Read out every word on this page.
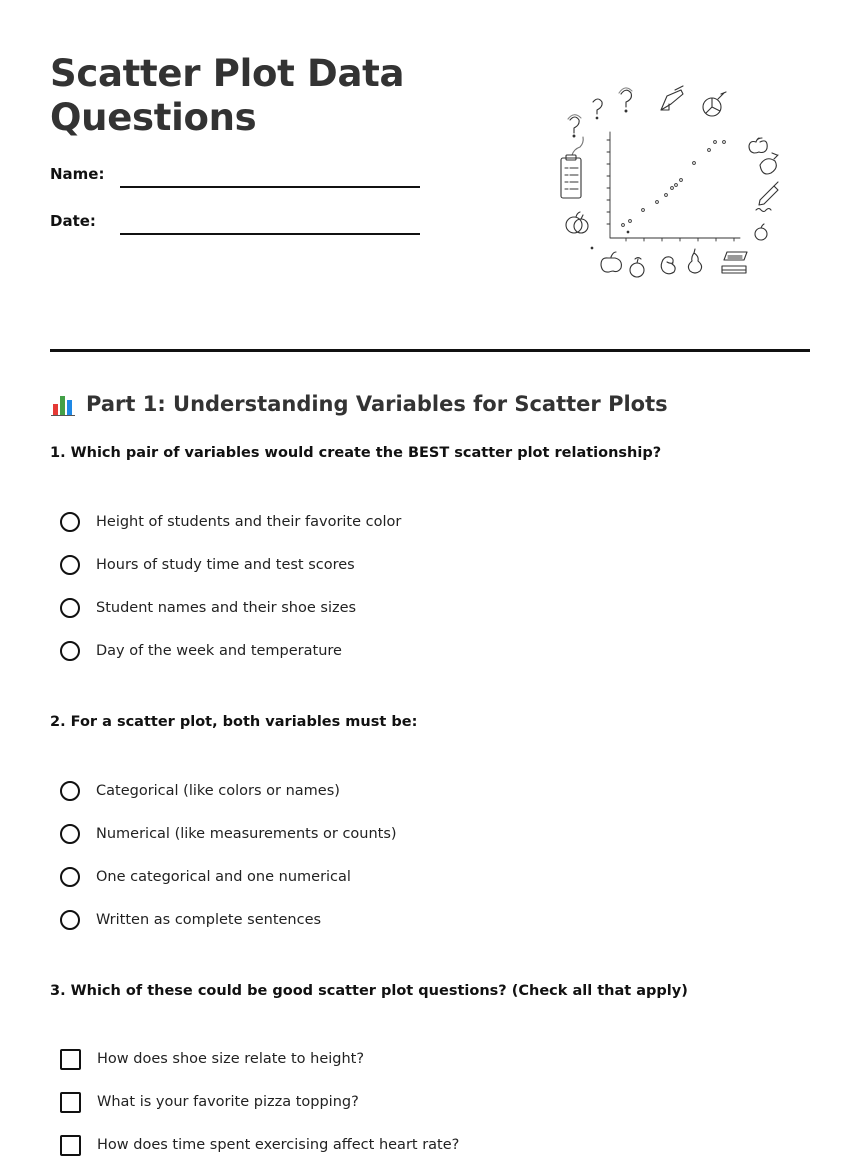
Scatter Plot Data
Questions
Name:
Date:
Part 1: Understanding Variables for Scatter Plots

1. Which pair of variables would create the BEST scatter plot relationship?

Height of students and their favorite color
Hours of study time and test scores
Student names and their shoe sizes
Day of the week and temperature

2. For a scatter plot, both variables must be:

Categorical (like colors or names)
Numerical (like measurements or counts)
One categorical and one numerical
Written as complete sentences

3. Which of these could be good scatter plot questions? (Check all that apply)

How does shoe size relate to height?
What is your favorite pizza topping?
How does time spent exercising affect heart rate?
